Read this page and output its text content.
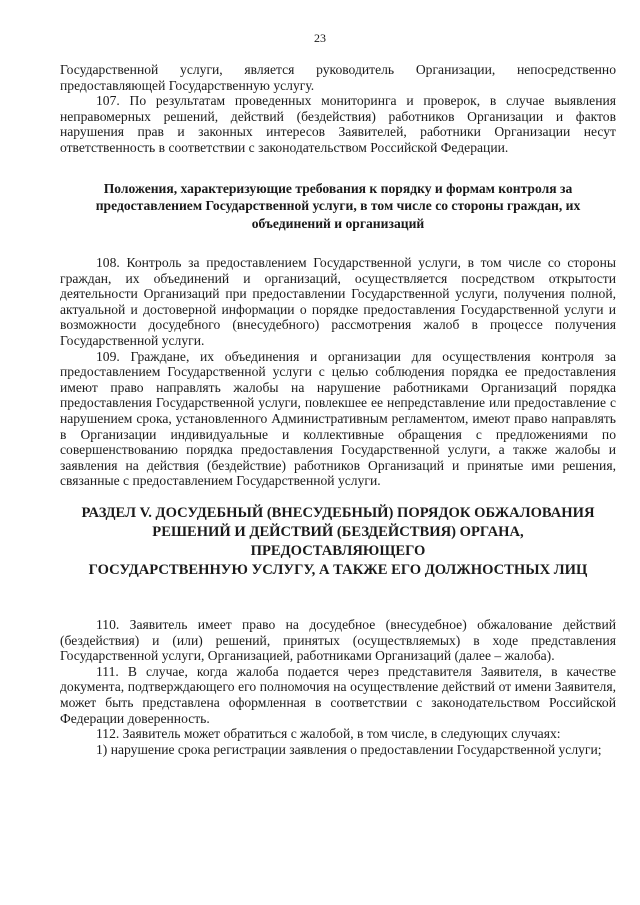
23

Государственной услуги, является руководитель Организации, непосредственно предоставляющей Государственную услугу.

107. По результатам проведенных мониторинга и проверок, в случае выявления неправомерных решений, действий (бездействия) работников Организации и фактов нарушения прав и законных интересов Заявителей, работники Организации несут ответственность в соответствии с законодательством Российской Федерации.

Положения, характеризующие требования к порядку и формам контроля за
предоставлением Государственной услуги, в том числе со стороны граждан, их
объединений и организаций

108. Контроль за предоставлением Государственной услуги, в том числе со стороны граждан, их объединений и организаций, осуществляется посредством открытости деятельности Организаций при предоставлении Государственной услуги, получения полной, актуальной и достоверной информации о порядке предоставления Государственной услуги и возможности досудебного (внесудебного) рассмотрения жалоб в процессе получения Государственной услуги.

109. Граждане, их объединения и организации для осуществления контроля за предоставлением Государственной услуги с целью соблюдения порядка ее предоставления имеют право направлять жалобы на нарушение работниками Организаций порядка предоставления Государственной услуги, повлекшее ее непредставление или предоставление с нарушением срока, установленного Административным регламентом, имеют право направлять в Организации индивидуальные и коллективные обращения с предложениями по совершенствованию порядка предоставления Государственной услуги, а также жалобы и заявления на действия (бездействие) работников Организаций и принятые ими решения, связанные с предоставлением Государственной услуги.

РАЗДЕЛ V. ДОСУДЕБНЫЙ (ВНЕСУДЕБНЫЙ) ПОРЯДОК ОБЖАЛОВАНИЯ
РЕШЕНИЙ И ДЕЙСТВИЙ (БЕЗДЕЙСТВИЯ) ОРГАНА,
ПРЕДОСТАВЛЯЮЩЕГО
ГОСУДАРСТВЕННУЮ УСЛУГУ, А ТАКЖЕ ЕГО ДОЛЖНОСТНЫХ ЛИЦ

110. Заявитель имеет право на досудебное (внесудебное) обжалование действий (бездействия) и (или) решений, принятых (осуществляемых) в ходе представления Государственной услуги, Организацией, работниками Организаций (далее – жалоба).

111. В случае, когда жалоба подается через представителя Заявителя, в качестве документа, подтверждающего его полномочия на осуществление действий от имени Заявителя, может быть представлена оформленная в соответствии с законодательством Российской Федерации доверенность.

112. Заявитель может обратиться с жалобой, в том числе, в следующих случаях:

1) нарушение срока регистрации заявления о предоставлении Государственной услуги;
